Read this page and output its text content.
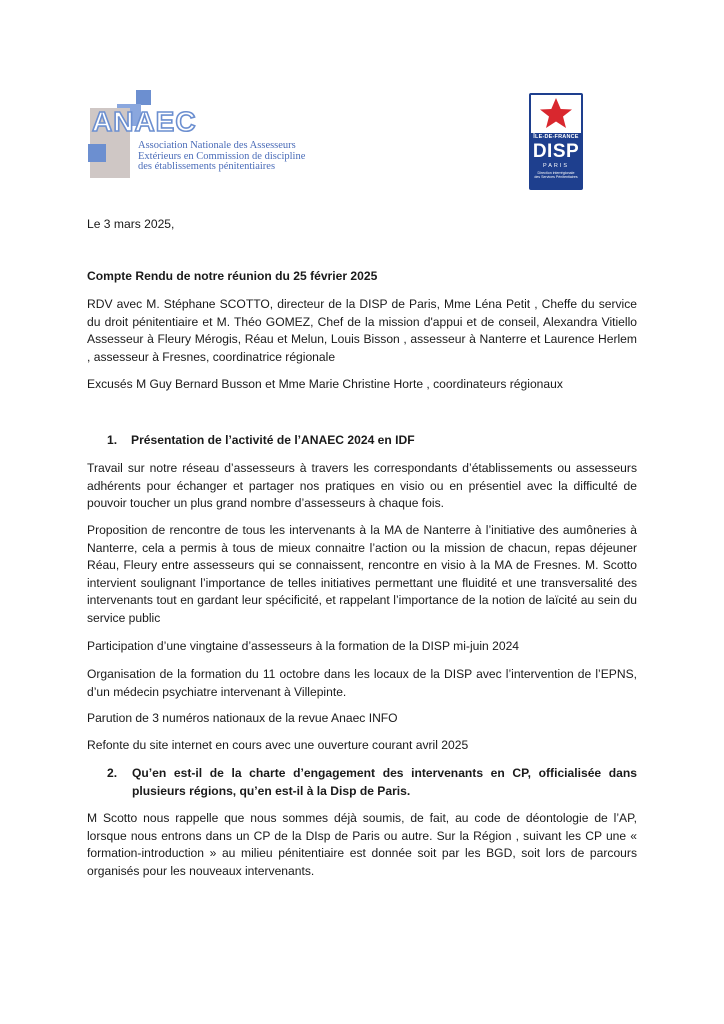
ANAEC
Association Nationale des Assesseurs
Extérieurs en Commission de discipline
des établissements pénitentiaires
ÎLE-DE-FRANCE
DISP
PARIS
Direction interrégionale
des Services Pénitentiaires
Le 3 mars 2025,
Compte Rendu de notre réunion du 25 février 2025
RDV avec M. Stéphane SCOTTO, directeur de la DISP de Paris, Mme Léna Petit , Cheffe du service du droit pénitentiaire et M. Théo GOMEZ, Chef de la mission d'appui et de conseil, Alexandra Vitiello Assesseur à Fleury Mérogis, Réau et Melun, Louis Bisson , assesseur à Nanterre et Laurence Herlem , assesseur à Fresnes, coordinatrice régionale
Excusés M Guy Bernard Busson et Mme Marie Christine Horte , coordinateurs régionaux
1. Présentation de l’activité de l’ANAEC 2024 en IDF
Travail sur notre réseau d’assesseurs à travers les correspondants d’établissements ou assesseurs adhérents pour échanger et partager nos pratiques en visio ou en présentiel avec la difficulté de pouvoir toucher un plus grand nombre d’assesseurs à chaque fois.
Proposition de rencontre de tous les intervenants à la MA de Nanterre à l’initiative des aumôneries à Nanterre, cela a permis à tous de mieux connaitre l’action ou la mission de chacun, repas déjeuner Réau, Fleury entre assesseurs qui se connaissent, rencontre en visio à la MA de Fresnes. M. Scotto intervient soulignant l’importance de telles initiatives permettant une fluidité et une transversalité des intervenants tout en gardant leur spécificité, et rappelant l’importance de la notion de laïcité au sein du service public
Participation d’une vingtaine d’assesseurs à la formation de la DISP mi-juin 2024
Organisation de la formation du 11 octobre dans les locaux de la DISP avec l’intervention de l’EPNS, d’un médecin psychiatre intervenant à Villepinte.
Parution de 3 numéros nationaux de la revue Anaec INFO
Refonte du site internet en cours avec une ouverture courant avril 2025
2. Qu’en est-il de la charte d’engagement des intervenants en CP, officialisée dans plusieurs régions, qu’en est-il à la Disp de Paris.
M Scotto nous rappelle que nous sommes déjà soumis, de fait, au code de déontologie de l’AP, lorsque nous entrons dans un CP de la DIsp de Paris ou autre. Sur la Région , suivant les CP une « formation-introduction » au milieu pénitentiaire est donnée soit par les BGD, soit lors de parcours organisés pour les nouveaux intervenants.
